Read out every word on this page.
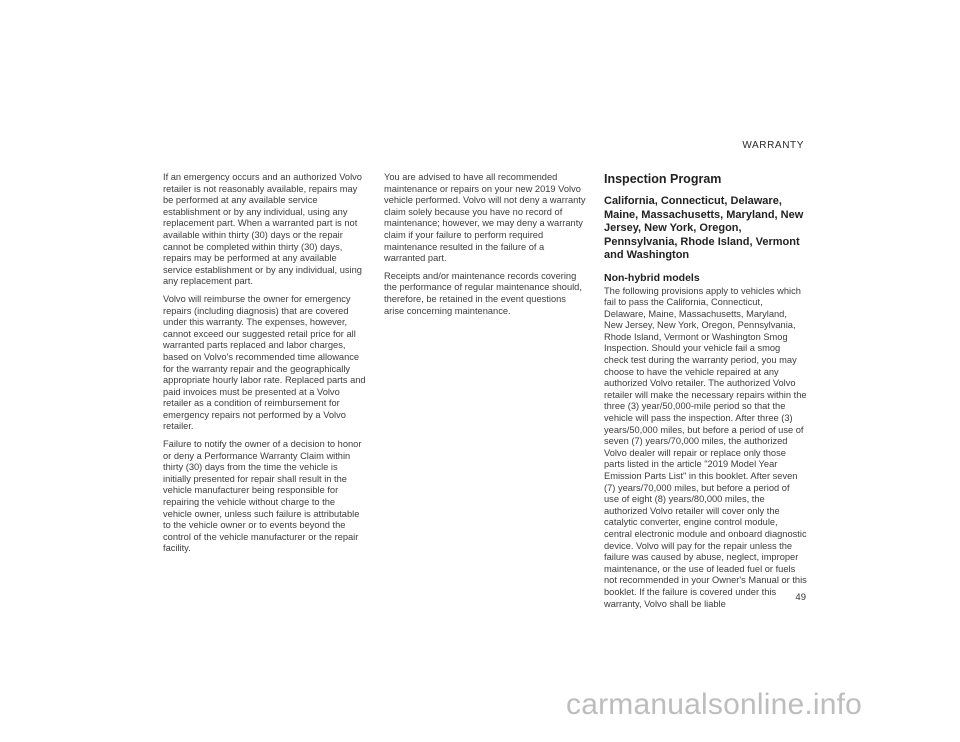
WARRANTY

If an emergency occurs and an authorized Volvo retailer is not reasonably available, repairs may be performed at any available service establishment or by any individual, using any replacement part. When a warranted part is not available within thirty (30) days or the repair cannot be completed within thirty (30) days, repairs may be performed at any available service establishment or by any individual, using any replacement part.

Volvo will reimburse the owner for emergency repairs (including diagnosis) that are covered under this warranty. The expenses, however, cannot exceed our suggested retail price for all warranted parts replaced and labor charges, based on Volvo's recommended time allowance for the warranty repair and the geographically appropriate hourly labor rate. Replaced parts and paid invoices must be presented at a Volvo retailer as a condition of reimbursement for emergency repairs not performed by a Volvo retailer.

Failure to notify the owner of a decision to honor or deny a Performance Warranty Claim within thirty (30) days from the time the vehicle is initially presented for repair shall result in the vehicle manufacturer being responsible for repairing the vehicle without charge to the vehicle owner, unless such failure is attributable to the vehicle owner or to events beyond the control of the vehicle manufacturer or the repair facility.

You are advised to have all recommended maintenance or repairs on your new 2019 Volvo vehicle performed. Volvo will not deny a warranty claim solely because you have no record of maintenance; however, we may deny a warranty claim if your failure to perform required maintenance resulted in the failure of a warranted part.

Receipts and/or maintenance records covering the performance of regular maintenance should, therefore, be retained in the event questions arise concerning maintenance.

Inspection Program
California, Connecticut, Delaware, Maine, Massachusetts, Maryland, New Jersey, New York, Oregon, Pennsylvania, Rhode Island, Vermont and Washington
Non-hybrid models

The following provisions apply to vehicles which fail to pass the California, Connecticut, Delaware, Maine, Massachusetts, Maryland, New Jersey, New York, Oregon, Pennsylvania, Rhode Island, Vermont or Washington Smog Inspection. Should your vehicle fail a smog check test during the warranty period, you may choose to have the vehicle repaired at any authorized Volvo retailer. The authorized Volvo retailer will make the necessary repairs within the three (3) year/50,000-mile period so that the vehicle will pass the inspection. After three (3) years/50,000 miles, but before a period of use of seven (7) years/70,000 miles, the authorized Volvo dealer will repair or replace only those parts listed in the article "2019 Model Year Emission Parts List" in this booklet. After seven (7) years/70,000 miles, but before a period of use of eight (8) years/80,000 miles, the authorized Volvo retailer will cover only the catalytic converter, engine control module, central electronic module and onboard diagnostic device. Volvo will pay for the repair unless the failure was caused by abuse, neglect, improper maintenance, or the use of leaded fuel or fuels not recommended in your Owner's Manual or this booklet. If the failure is covered under this warranty, Volvo shall be liable

49
carmanualsonline.info
